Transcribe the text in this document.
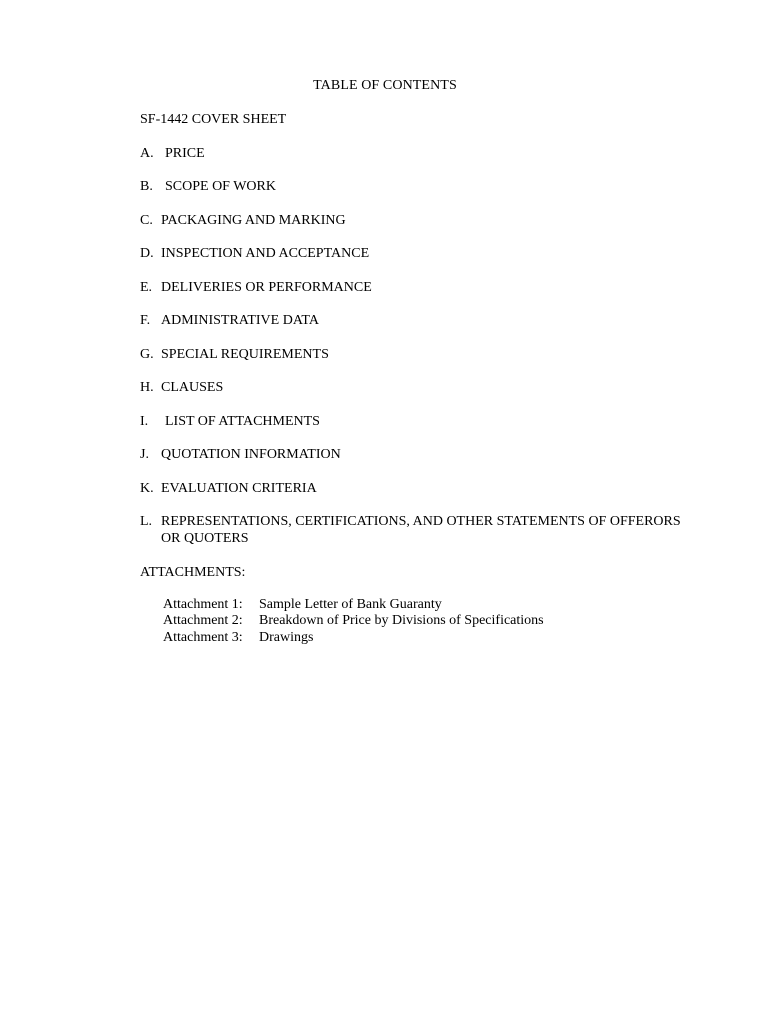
TABLE OF CONTENTS
SF-1442 COVER SHEET
A. PRICE
B. SCOPE OF WORK
C. PACKAGING AND MARKING
D. INSPECTION AND ACCEPTANCE
E. DELIVERIES OR PERFORMANCE
F. ADMINISTRATIVE DATA
G. SPECIAL REQUIREMENTS
H. CLAUSES
I.	LIST OF ATTACHMENTS
J. QUOTATION INFORMATION
K. EVALUATION CRITERIA
L. REPRESENTATIONS, CERTIFICATIONS, AND OTHER STATEMENTS OF OFFERORS OR QUOTERS
ATTACHMENTS:
Attachment 1:	Sample Letter of Bank Guaranty
Attachment 2:	Breakdown of Price by Divisions of Specifications
Attachment 3:	Drawings
